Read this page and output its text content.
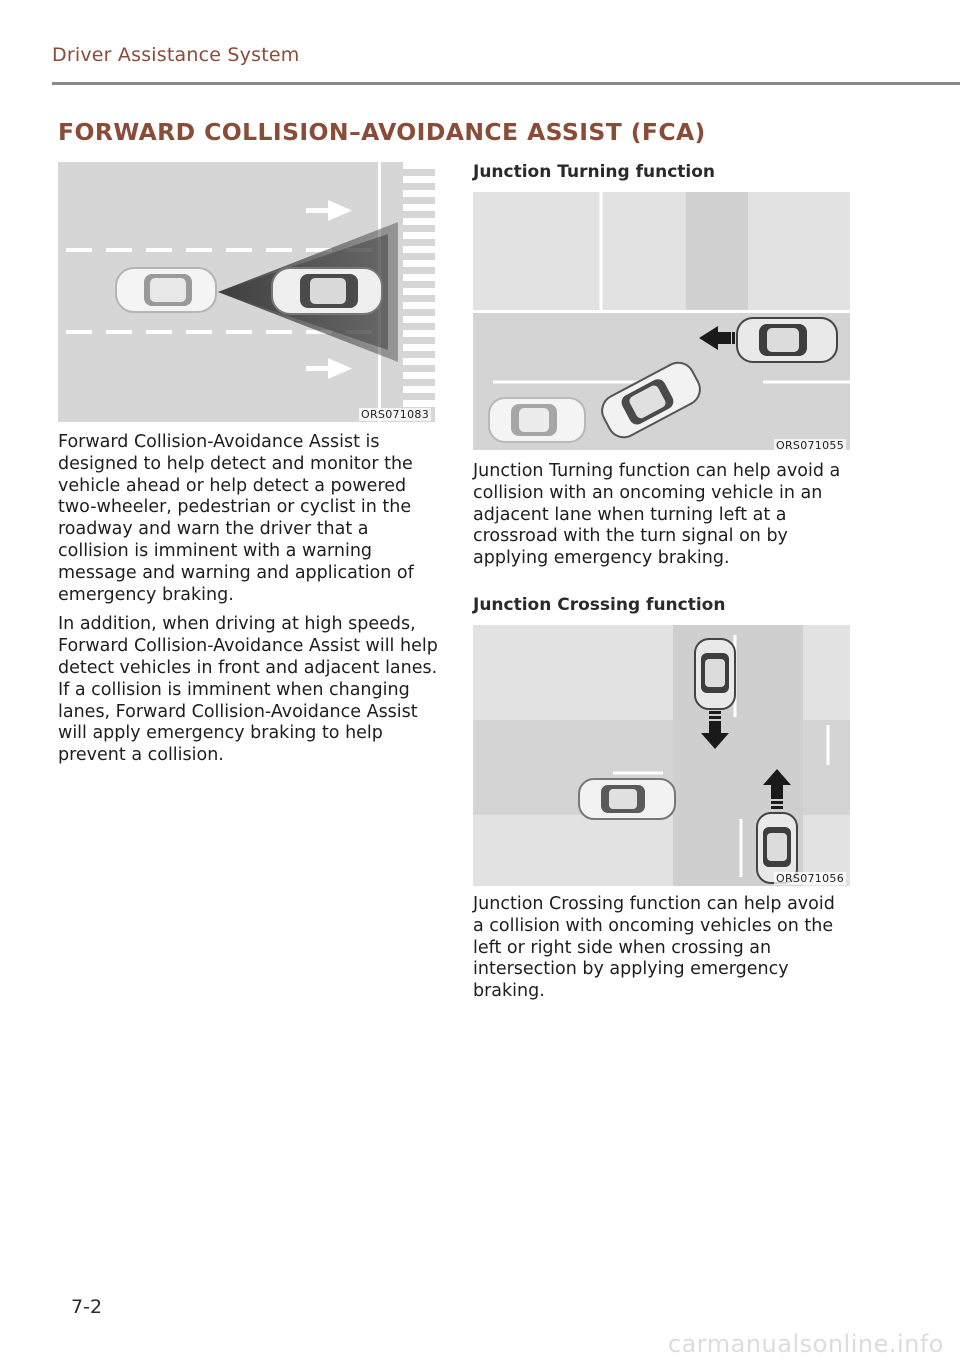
Driver Assistance System
FORWARD COLLISION–AVOIDANCE ASSIST (FCA)
ORS071083

Forward Collision-Avoidance Assist is designed to help detect and monitor the vehicle ahead or help detect a powered two-wheeler, pedestrian or cyclist in the roadway and warn the driver that a collision is imminent with a warning message and warning and application of emergency braking.

In addition, when driving at high speeds, Forward Collision-Avoidance Assist will help detect vehicles in front and adjacent lanes. If a collision is imminent when changing lanes, Forward Collision-Avoidance Assist will apply emergency braking to help prevent a collision.

Junction Turning function
ORS071055
Junction Turning function can help avoid a collision with an oncoming vehicle in an adjacent lane when turning left at a crossroad with the turn signal on by applying emergency braking.
Junction Crossing function
ORS071056
Junction Crossing function can help avoid a collision with oncoming vehicles on the left or right side when crossing an intersection by applying emergency braking.
7-2
carmanualsonline.info
